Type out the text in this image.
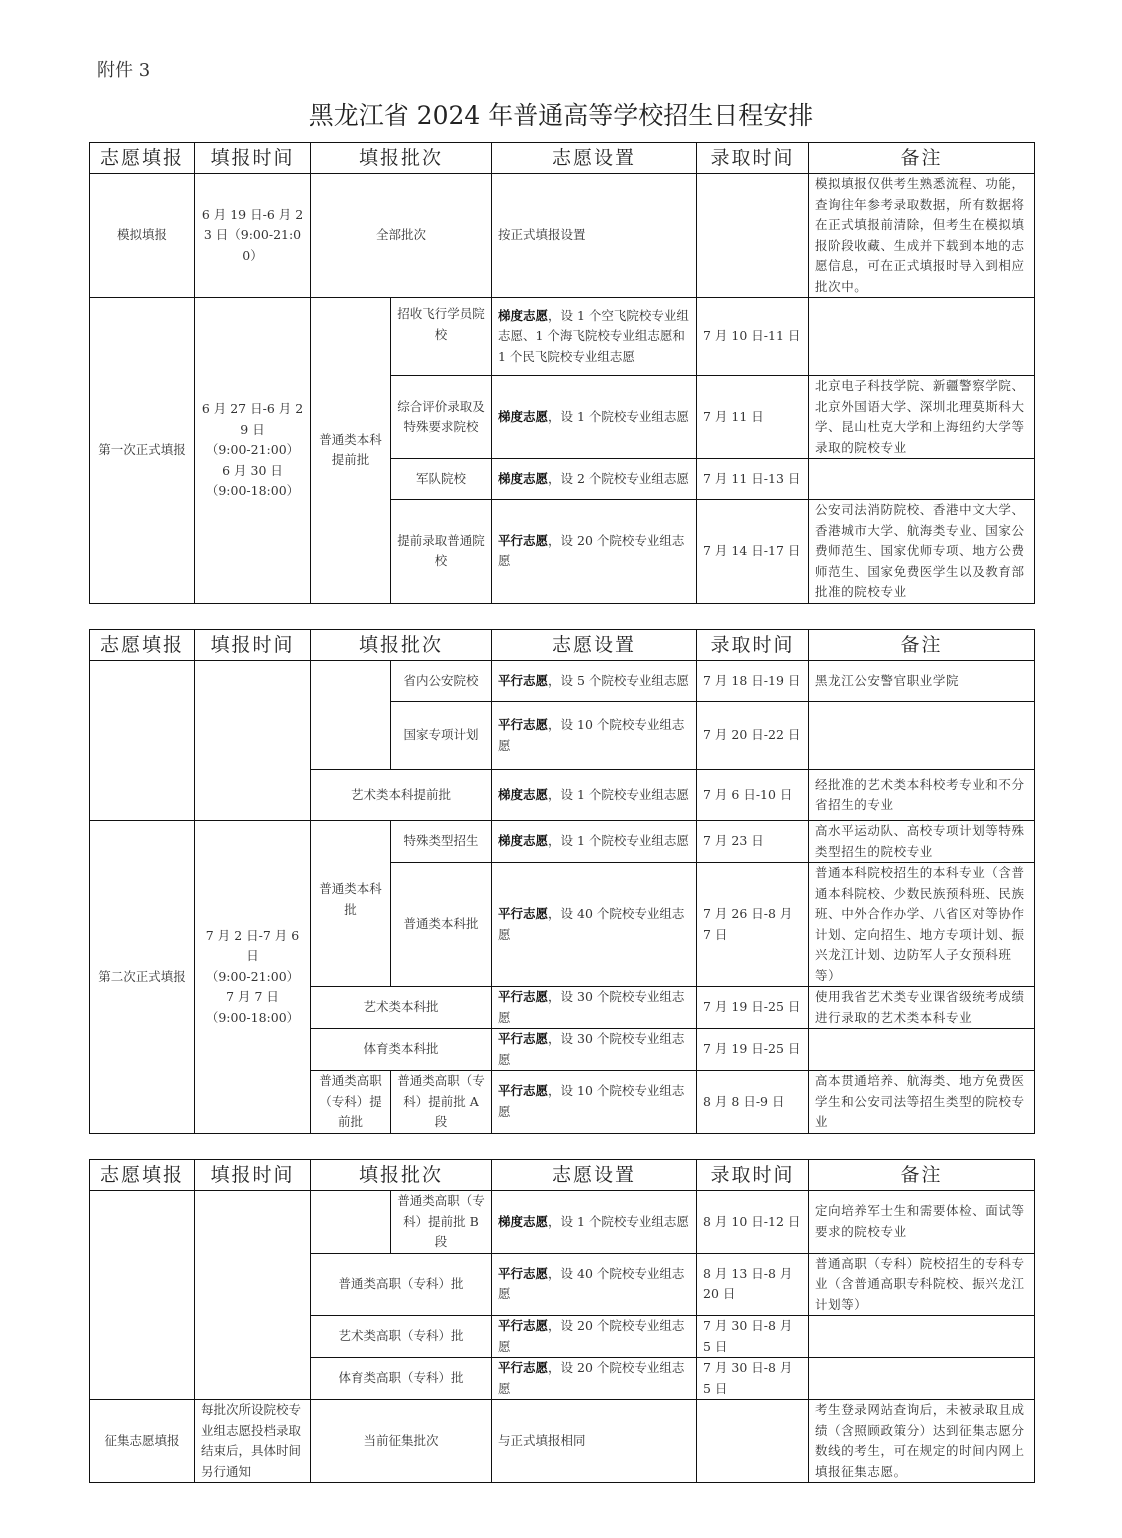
附件 3
黑龙江省 2024 年普通高等学校招生日程安排
志愿填报	填报时间	填报批次		志愿设置	录取时间	备注
模拟填报	6 月 19 日-6 月 23 日（9:00-21:00）	全部批次		按正式填报设置		模拟填报仅供考生熟悉流程、功能，查询往年参考录取数据，所有数据将在正式填报前清除，但考生在模拟填报阶段收藏、生成并下载到本地的志愿信息，可在正式填报时导入到相应批次中。
第一次正式填报	6 月 27 日-6 月 29 日
（9:00-21:00）
6 月 30 日
（9:00-18:00）	普通类本科提前批	招收飞行学员院校	梯度志愿，设 1 个空飞院校专业组志愿、1 个海飞院校专业组志愿和 1 个民飞院校专业组志愿	7 月 10 日-11 日	
			综合评价录取及特殊要求院校	梯度志愿，设 1 个院校专业组志愿	7 月 11 日	北京电子科技学院、新疆警察学院、北京外国语大学、深圳北理莫斯科大学、昆山杜克大学和上海纽约大学等录取的院校专业
			军队院校	梯度志愿，设 2 个院校专业组志愿	7 月 11 日-13 日	
			提前录取普通院校	平行志愿，设 20 个院校专业组志愿	7 月 14 日-17 日	公安司法消防院校、香港中文大学、香港城市大学、航海类专业、国家公费师范生、国家优师专项、地方公费师范生、国家免费医学生以及教育部批准的院校专业
志愿填报	填报时间	填报批次		志愿设置	录取时间	备注
			省内公安院校	平行志愿，设 5 个院校专业组志愿	7 月 18 日-19 日	黑龙江公安警官职业学院
			国家专项计划	平行志愿，设 10 个院校专业组志愿	7 月 20 日-22 日	
		艺术类本科提前批		梯度志愿，设 1 个院校专业组志愿	7 月 6 日-10 日	经批准的艺术类本科校考专业和不分省招生的专业
第二次正式填报	7 月 2 日-7 月 6 日
（9:00-21:00）
7 月 7 日
（9:00-18:00）	普通类本科批	特殊类型招生	梯度志愿，设 1 个院校专业组志愿	7 月 23 日	高水平运动队、高校专项计划等特殊类型招生的院校专业
			普通类本科批	平行志愿，设 40 个院校专业组志愿	7 月 26 日-8 月 7 日	普通本科院校招生的本科专业（含普通本科院校、少数民族预科班、民族班、中外合作办学、八省区对等协作计划、定向招生、地方专项计划、振兴龙江计划、边防军人子女预科班等）
		艺术类本科批		平行志愿，设 30 个院校专业组志愿	7 月 19 日-25 日	使用我省艺术类专业课省级统考成绩进行录取的艺术类本科专业
		体育类本科批		平行志愿，设 30 个院校专业组志愿	7 月 19 日-25 日	
		普通类高职（专科）提前批	普通类高职（专科）提前批 A 段	平行志愿，设 10 个院校专业组志愿	8 月 8 日-9 日	高本贯通培养、航海类、地方免费医学生和公安司法等招生类型的院校专业
志愿填报	填报时间	填报批次		志愿设置	录取时间	备注
			普通类高职（专科）提前批 B 段	梯度志愿，设 1 个院校专业组志愿	8 月 10 日-12 日	定向培养军士生和需要体检、面试等要求的院校专业
		普通类高职（专科）批		平行志愿，设 40 个院校专业组志愿	8 月 13 日-8 月 20 日	普通高职（专科）院校招生的专科专业（含普通高职专科院校、振兴龙江计划等）
		艺术类高职（专科）批		平行志愿，设 20 个院校专业组志愿	7 月 30 日-8 月 5 日	
		体育类高职（专科）批		平行志愿，设 20 个院校专业组志愿	7 月 30 日-8 月 5 日	
征集志愿填报	每批次所设院校专业组志愿投档录取结束后，具体时间另行通知	当前征集批次		与正式填报相同		考生登录网站查询后，未被录取且成绩（含照顾政策分）达到征集志愿分数线的考生，可在规定的时间内网上填报征集志愿。
